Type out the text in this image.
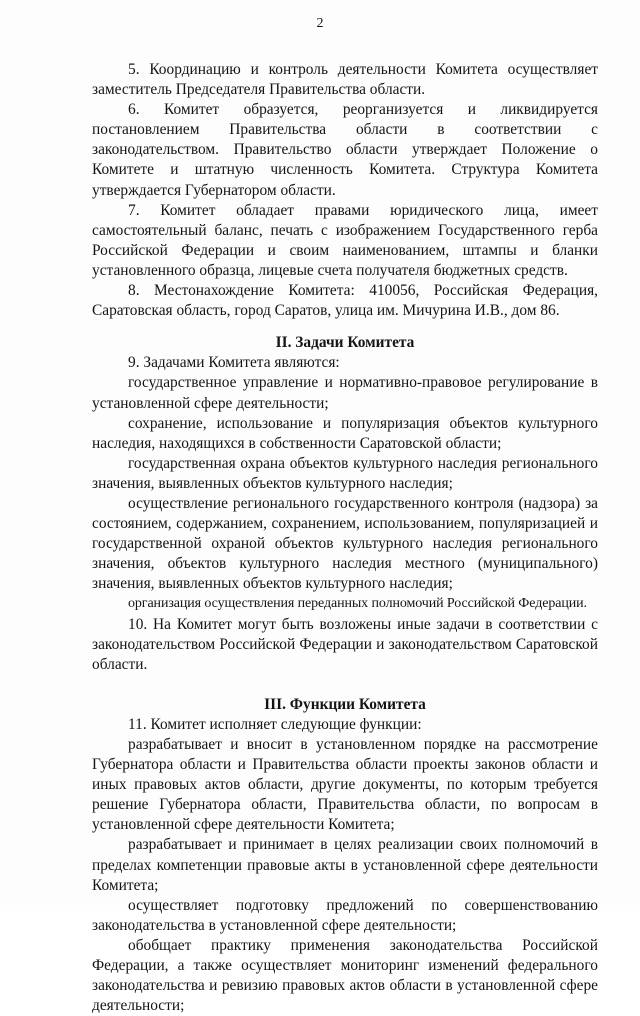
2

5. Координацию и контроль деятельности Комитета осуществляет заместитель Председателя Правительства области.

6. Комитет образуется, реорганизуется и ликвидируется постановлением Правительства области в соответствии с законодательством. Правительство области утверждает Положение о Комитете и штатную численность Комитета. Структура Комитета утверждается Губернатором области.

7. Комитет обладает правами юридического лица, имеет самостоятельный баланс, печать с изображением Государственного герба Российской Федерации и своим наименованием, штампы и бланки установленного образца, лицевые счета получателя бюджетных средств.

8. Местонахождение Комитета: 410056, Российская Федерация, Саратовская область, город Саратов, улица им. Мичурина И.В., дом 86.

II. Задачи Комитета

9. Задачами Комитета являются:

государственное управление и нормативно-правовое регулирование в установленной сфере деятельности;

сохранение, использование и популяризация объектов культурного наследия, находящихся в собственности Саратовской области;

государственная охрана объектов культурного наследия регионального значения, выявленных объектов культурного наследия;

осуществление регионального государственного контроля (надзора) за состоянием, содержанием, сохранением, использованием, популяризацией и государственной охраной объектов культурного наследия регионального значения, объектов культурного наследия местного (муниципального) значения, выявленных объектов культурного наследия;

организация осуществления переданных полномочий Российской Федерации.

10. На Комитет могут быть возложены иные задачи в соответствии с законодательством Российской Федерации и законодательством Саратовской области.

III. Функции Комитета

11. Комитет исполняет следующие функции:

разрабатывает и вносит в установленном порядке на рассмотрение Губернатора области и Правительства области проекты законов области и иных правовых актов области, другие документы, по которым требуется решение Губернатора области, Правительства области, по вопросам в установленной сфере деятельности Комитета;

разрабатывает и принимает в целях реализации своих полномочий в пределах компетенции правовые акты в установленной сфере деятельности Комитета;

осуществляет подготовку предложений по совершенствованию законодательства в установленной сфере деятельности;

обобщает практику применения законодательства Российской Федерации, а также осуществляет мониторинг изменений федерального законодательства и ревизию правовых актов области в установленной сфере деятельности;
